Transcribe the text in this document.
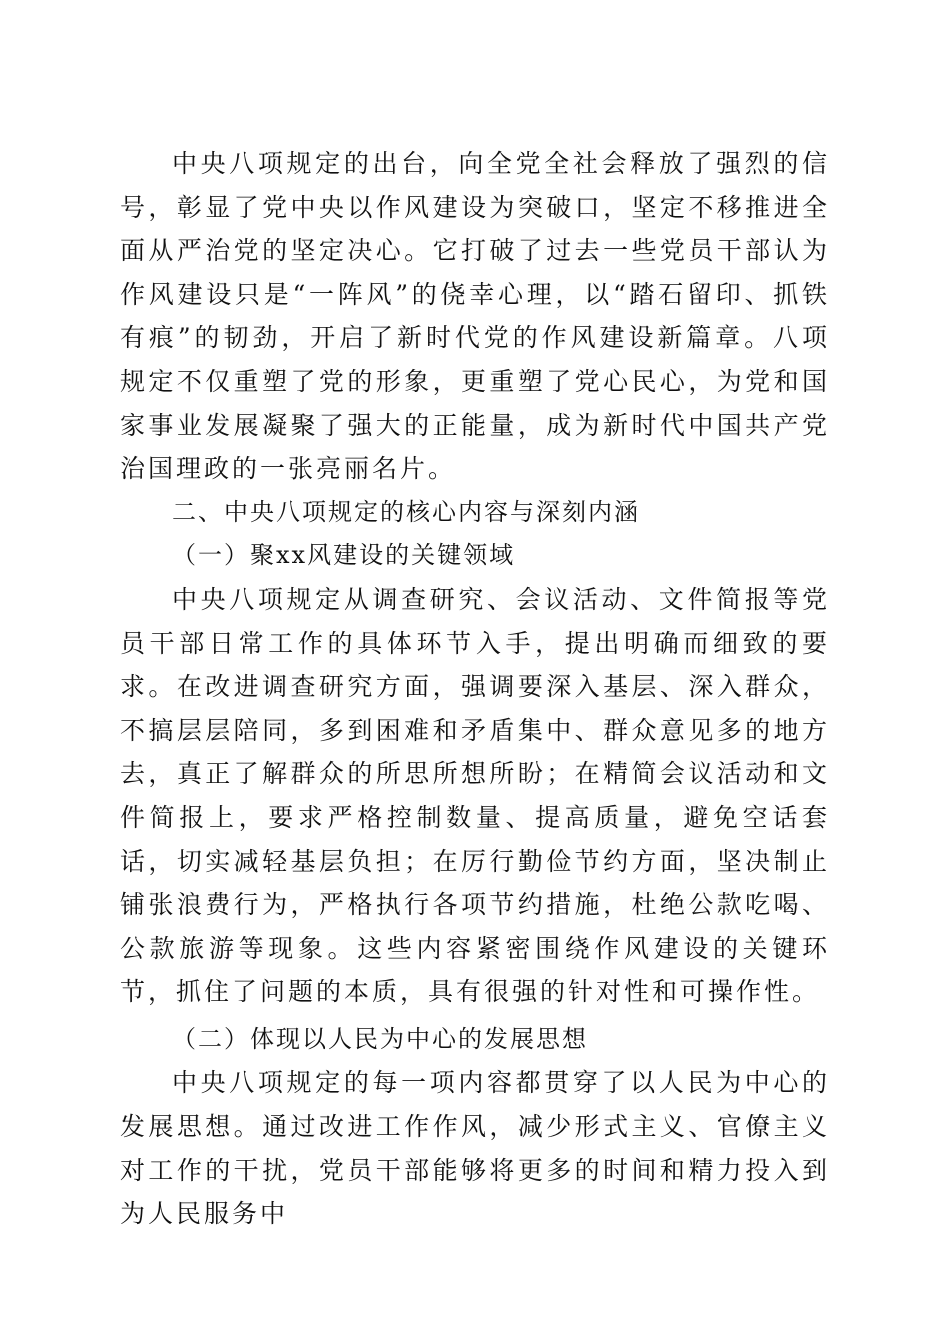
中央八项规定的出台，向全党全社会释放了强烈的信号，彰显了党中央以作风建设为突破口，坚定不移推进全面从严治党的坚定决心。它打破了过去一些党员干部认为作风建设只是“一阵风”的侥幸心理，以“踏石留印、抓铁有痕”的韧劲，开启了新时代党的作风建设新篇章。八项规定不仅重塑了党的形象，更重塑了党心民心，为党和国家事业发展凝聚了强大的正能量，成为新时代中国共产党治国理政的一张亮丽名片。

二、中央八项规定的核心内容与深刻内涵
（一）聚xx风建设的关键领域

中央八项规定从调查研究、会议活动、文件简报等党员干部日常工作的具体环节入手，提出明确而细致的要求。在改进调查研究方面，强调要深入基层、深入群众，不搞层层陪同，多到困难和矛盾集中、群众意见多的地方去，真正了解群众的所思所想所盼；在精简会议活动和文件简报上，要求严格控制数量、提高质量，避免空话套话，切实减轻基层负担；在厉行勤俭节约方面，坚决制止铺张浪费行为，严格执行各项节约措施，杜绝公款吃喝、公款旅游等现象。这些内容紧密围绕作风建设的关键环节，抓住了问题的本质，具有很强的针对性和可操作性。

（二）体现以人民为中心的发展思想

中央八项规定的每一项内容都贯穿了以人民为中心的发展思想。通过改进工作作风，减少形式主义、官僚主义对工作的干扰，党员干部能够将更多的时间和精力投入到为人民服务中
